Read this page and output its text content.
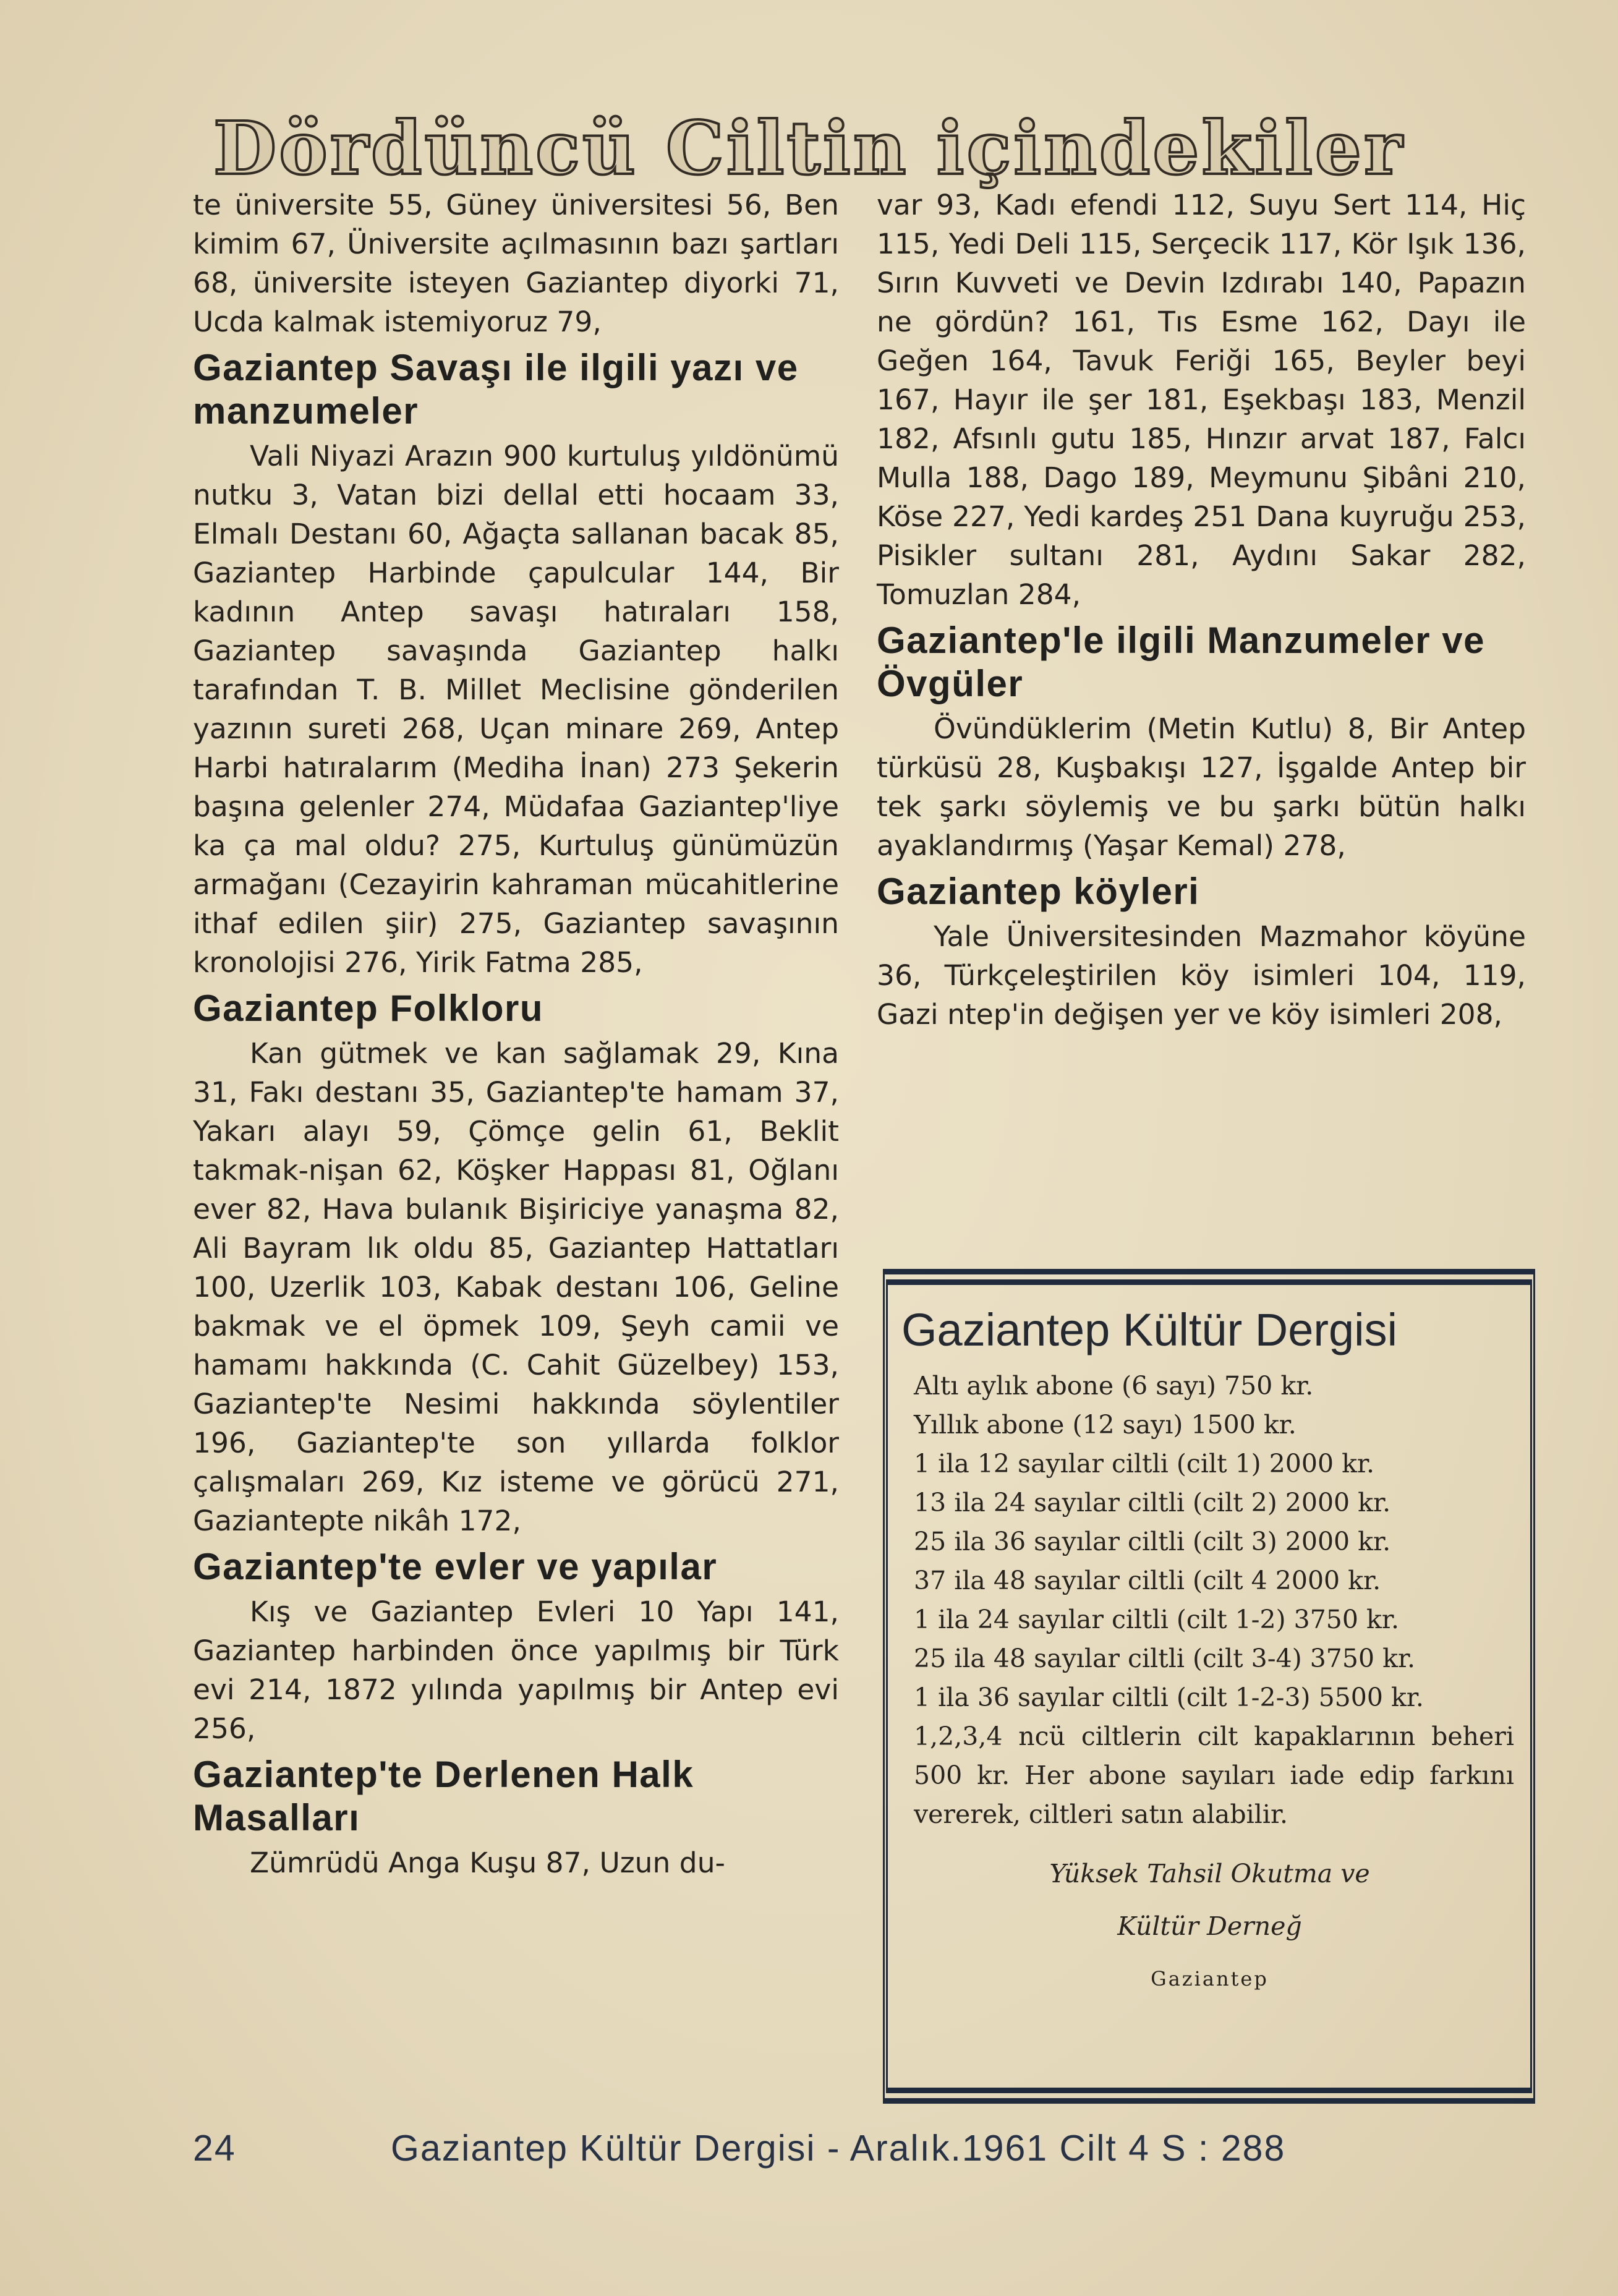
Dördüncü Ciltin içindekiler

te üniversite 55, Güney üniversitesi 56, Ben kimim 67, Üniversite açılmasının bazı şartları 68, üniversite isteyen Gaziantep diyorki 71, Ucda kalmak istemiyoruz 79,

Gaziantep Savaşı ile ilgili yazı ve manzumeler

Vali Niyazi Arazın 900 kurtuluş yıldönümü nutku 3, Vatan bizi dellal etti hocaam 33, Elmalı Destanı 60, Ağaçta sallanan bacak 85, Gaziantep Harbinde çapulcular 144, Bir kadının Antep savaşı hatıraları 158, Gaziantep savaşında Gaziantep halkı tarafından T. B. Millet Meclisine gönderilen yazının sureti 268, Uçan minare 269, Antep Harbi hatıralarım (Mediha İnan) 273 Şekerin başına gelenler 274, Müdafaa Gaziantep'liye ka ça mal oldu? 275, Kurtuluş günümüzün armağanı (Cezayirin kahraman mücahitlerine ithaf edilen şiir) 275, Gaziantep savaşının kronolojisi 276, Yirik Fatma 285,

Gaziantep Folkloru

Kan gütmek ve kan sağlamak 29, Kına 31, Fakı destanı 35, Gaziantep'te hamam 37, Yakarı alayı 59, Çömçe gelin 61, Beklit takmak-nişan 62, Köşker Happası 81, Oğlanı ever 82, Hava bulanık Bişiriciye yanaşma 82, Ali Bayram lık oldu 85, Gaziantep Hattatları 100, Uzerlik 103, Kabak destanı 106, Geline bakmak ve el öpmek 109, Şeyh camii ve hamamı hakkında (C. Cahit Güzelbey) 153, Gaziantep'te Nesimi hakkında söylentiler 196, Gaziantep'te son yıllarda folklor çalışmaları 269, Kız isteme ve görücü 271, Gaziantepte nikâh 172,

Gaziantep'te evler ve yapılar

Kış ve Gaziantep Evleri 10 Yapı 141, Gaziantep harbinden önce yapılmış bir Türk evi 214, 1872 yılında yapılmış bir Antep evi 256,

Gaziantep'te Derlenen Halk Masalları

Zümrüdü Anga Kuşu 87, Uzun du-

var 93, Kadı efendi 112, Suyu Sert 114, Hiç 115, Yedi Deli 115, Serçecik 117, Kör Işık 136, Sırın Kuvveti ve Devin Izdırabı 140, Papazın ne gördün? 161, Tıs Esme 162, Dayı ile Geğen 164, Tavuk Feriği 165, Beyler beyi 167, Hayır ile şer 181, Eşekbaşı 183, Menzil 182, Afsınlı gutu 185, Hınzır arvat 187, Falcı Mulla 188, Dago 189, Meymunu Şibâni 210, Köse 227, Yedi kardeş 251 Dana kuyruğu 253, Pisikler sultanı 281, Aydını Sakar 282, Tomuzlan 284,

Gaziantep'le ilgili Manzumeler ve Övgüler

Övündüklerim (Metin Kutlu) 8, Bir Antep türküsü 28, Kuşbakışı 127, İşgalde Antep bir tek şarkı söylemiş ve bu şarkı bütün halkı ayaklandırmış (Yaşar Kemal) 278,

Gaziantep köyleri

Yale Üniversitesinden Mazmahor köyüne 36, Türkçeleştirilen köy isimleri 104, 119, Gazi ntep'in değişen yer ve köy isimleri 208,

Gaziantep Kültür Dergisi

Altı aylık abone (6 sayı) 750 kr.

Yıllık abone (12 sayı) 1500 kr.

1 ila 12 sayılar ciltli (cilt 1) 2000 kr.

13 ila 24 sayılar ciltli (cilt 2) 2000 kr.

25 ila 36 sayılar ciltli (cilt 3) 2000 kr.

37 ila 48 sayılar ciltli (cilt 4 2000 kr.

1 ila 24 sayılar ciltli (cilt 1-2) 3750 kr.

25 ila 48 sayılar ciltli (cilt 3-4) 3750 kr.

1 ila 36 sayılar ciltli (cilt 1-2-3) 5500 kr.

1,2,3,4 ncü ciltlerin cilt kapaklarının beheri 500 kr. Her abone sayıları iade edip farkını vererek, ciltleri satın alabilir.

Yüksek Tahsil Okutma ve
Kültür Derneğ
Gaziantep
24	Gaziantep Kültür Dergisi - Aralık.1961 Cilt 4 S : 288
